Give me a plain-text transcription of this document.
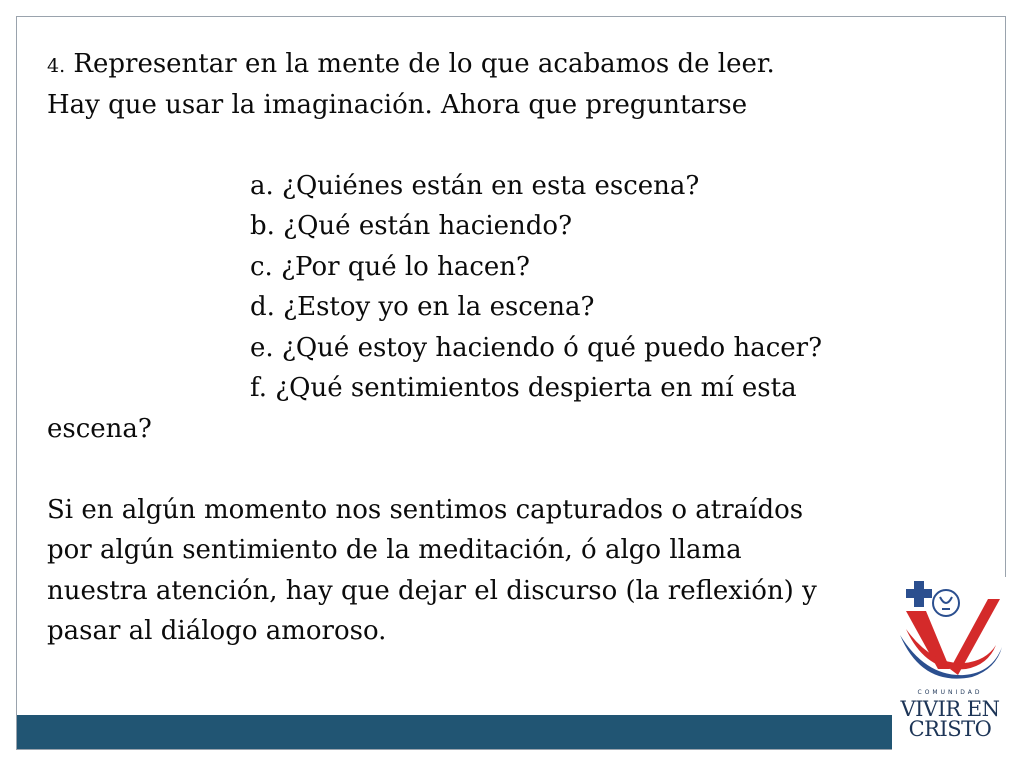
4. Representar en la mente de lo que acabamos de leer.

Hay que usar la imaginación. Ahora que preguntarse

a. ¿Quiénes están en esta escena?

b. ¿Qué están haciendo?

c. ¿Por qué lo hacen?

d. ¿Estoy yo en la escena?

e. ¿Qué estoy haciendo ó qué puedo hacer?

f. ¿Qué sentimientos despierta en mí esta

escena?

Si en algún momento nos sentimos capturados o atraídos

por algún sentimiento de la meditación, ó algo llama

nuestra atención, hay que dejar el discurso (la reflexión) y

pasar al diálogo amoroso.

COMUNIDAD
VIVIR EN
CRISTO
